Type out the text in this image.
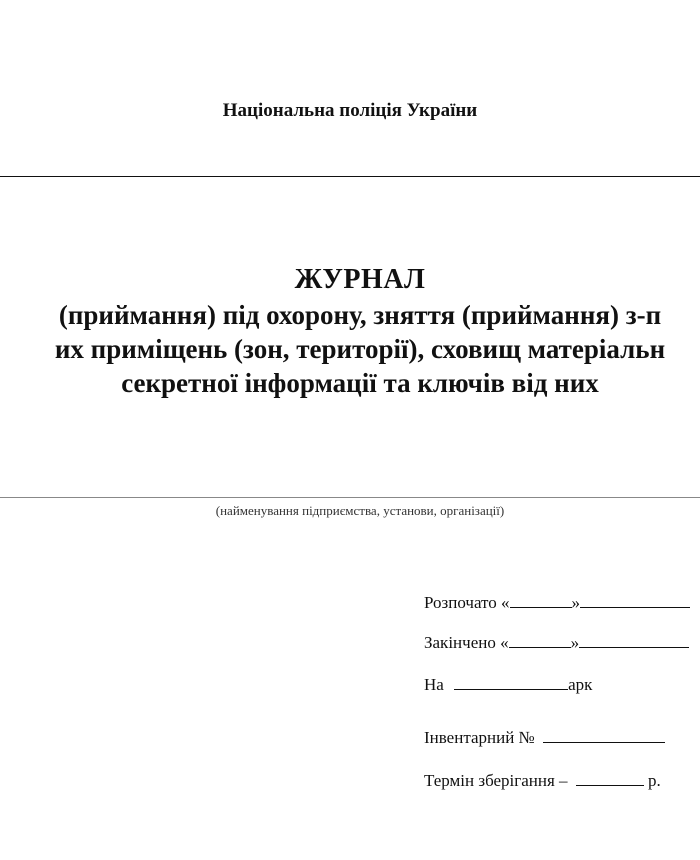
Національна поліція України
ЖУРНАЛ
(приймання) під охорону, зняття (приймання) з-п
их приміщень (зон, території), сховищ матеріальн
секретної інформації та ключів від них
(найменування підприємства, установи, організації)
Розпочато «	»
Закінчено «	»
На	арк
Інвентарний №
Термін зберігання –	р.
